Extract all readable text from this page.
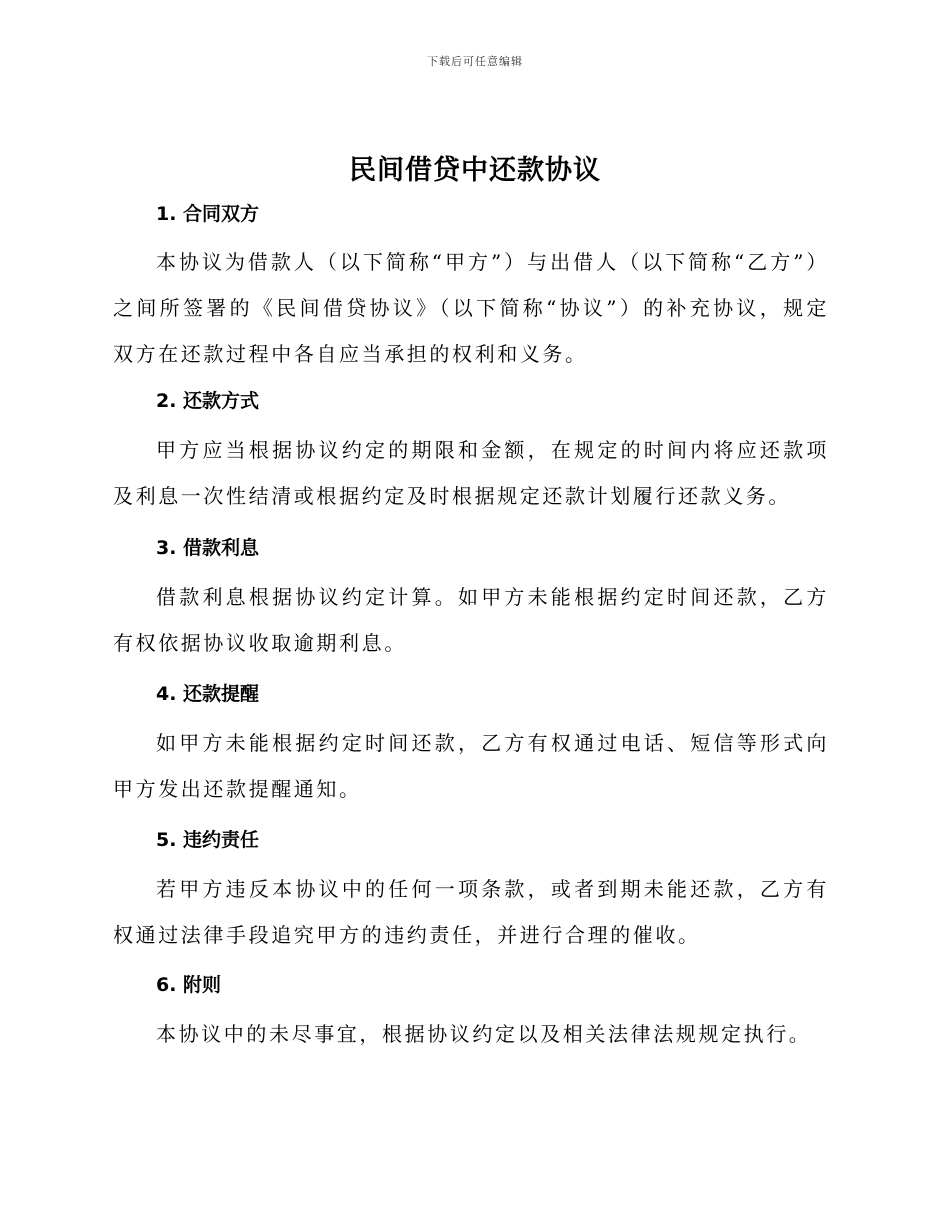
下载后可任意编辑
民间借贷中还款协议
1. 合同双方

本协议为借款人（以下简称“甲方”）与出借人（以下简称“乙方”）之间所签署的《民间借贷协议》（以下简称“协议”）的补充协议，规定双方在还款过程中各自应当承担的权利和义务。

2. 还款方式

甲方应当根据协议约定的期限和金额，在规定的时间内将应还款项及利息一次性结清或根据约定及时根据规定还款计划履行还款义务。

3. 借款利息

借款利息根据协议约定计算。如甲方未能根据约定时间还款，乙方有权依据协议收取逾期利息。

4. 还款提醒

如甲方未能根据约定时间还款，乙方有权通过电话、短信等形式向甲方发出还款提醒通知。

5. 违约责任

若甲方违反本协议中的任何一项条款，或者到期未能还款，乙方有权通过法律手段追究甲方的违约责任，并进行合理的催收。

6. 附则

本协议中的未尽事宜，根据协议约定以及相关法律法规规定执行。
